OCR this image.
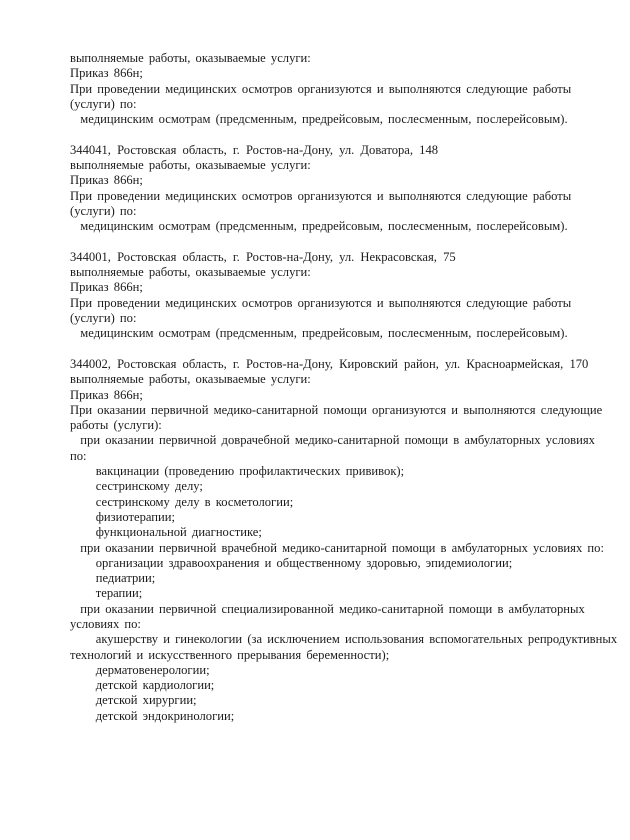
выполняемые работы, оказываемые услуги:
Приказ 866н;
При проведении медицинских осмотров организуются и выполняются следующие работы
(услуги) по:
медицинским осмотрам (предсменным, предрейсовым, послесменным, послерейсовым).

344041, Ростовская область, г. Ростов-на-Дону, ул. Доватора, 148
выполняемые работы, оказываемые услуги:
Приказ 866н;
При проведении медицинских осмотров организуются и выполняются следующие работы
(услуги) по:
медицинским осмотрам (предсменным, предрейсовым, послесменным, послерейсовым).

344001, Ростовская область, г. Ростов-на-Дону, ул. Некрасовская, 75
выполняемые работы, оказываемые услуги:
Приказ 866н;
При проведении медицинских осмотров организуются и выполняются следующие работы
(услуги) по:
медицинским осмотрам (предсменным, предрейсовым, послесменным, послерейсовым).

344002, Ростовская область, г. Ростов-на-Дону, Кировский район, ул. Красноармейская, 170
выполняемые работы, оказываемые услуги:
Приказ 866н;
При оказании первичной медико-санитарной помощи организуются и выполняются следующие
работы (услуги):
при оказании первичной доврачебной медико-санитарной помощи в амбулаторных условиях
по:
вакцинации (проведению профилактических прививок);
сестринскому делу;
сестринскому делу в косметологии;
физиотерапии;
функциональной диагностике;
при оказании первичной врачебной медико-санитарной помощи в амбулаторных условиях по:
организации здравоохранения и общественному здоровью, эпидемиологии;
педиатрии;
терапии;
при оказании первичной специализированной медико-санитарной помощи в амбулаторных
условиях по:
акушерству и гинекологии (за исключением использования вспомогательных репродуктивных
технологий и искусственного прерывания беременности);
дерматовенерологии;
детской кардиологии;
детской хирургии;
детской эндокринологии;
